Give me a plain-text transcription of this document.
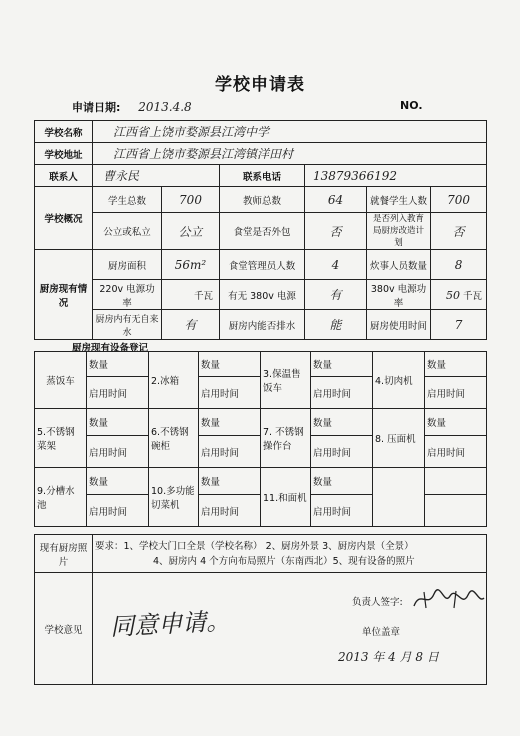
学校申请表
申请日期: 2013.4.8	NO.
学校名称	江西省上饶市婺源县江湾中学					
学校地址	江西省上饶市婺源县江湾镇洋田村					
联系人	曹永民		联系电话	13879366192		
学校概况	学生总数	700	教师总数	64	就餐学生人数	700
	公立或私立	公立	食堂是否外包	否	是否列入教育局厨房改造计划	否
厨房现有情况	厨房面积	56m²	食堂管理员人数	4	炊事人员数量	8
	220v 电源功率	千瓦	有无 380v 电源	有	380v 电源功率	50 千瓦
	厨房内有无自来水	有	厨房内能否排水	能	厨房使用时间	7
厨房现有设备登记
蒸饭车	数量	2.冰箱	数量	3.保温售饭车	数量	4.切肉机	数量
	启用时间		启用时间		启用时间		启用时间
5.不锈钢菜架	数量	6.不锈钢碗柜	数量	7. 不锈钢操作台	数量	8. 压面机	数量
	启用时间		启用时间		启用时间		启用时间
9.分槽水池	数量	10.多功能切菜机	数量	11.和面机	数量		
	启用时间		启用时间		启用时间		
现有厨房照片	要求：1、学校大门口全景（学校名称） 2、厨房外景 3、厨房内景（全景）
4、厨房内 4 个方向布局照片（东南西北）5、现有设备的照片

学校意见	同意申请。
负责人签字:
单位盖章
2013 年 4 月 8 日
